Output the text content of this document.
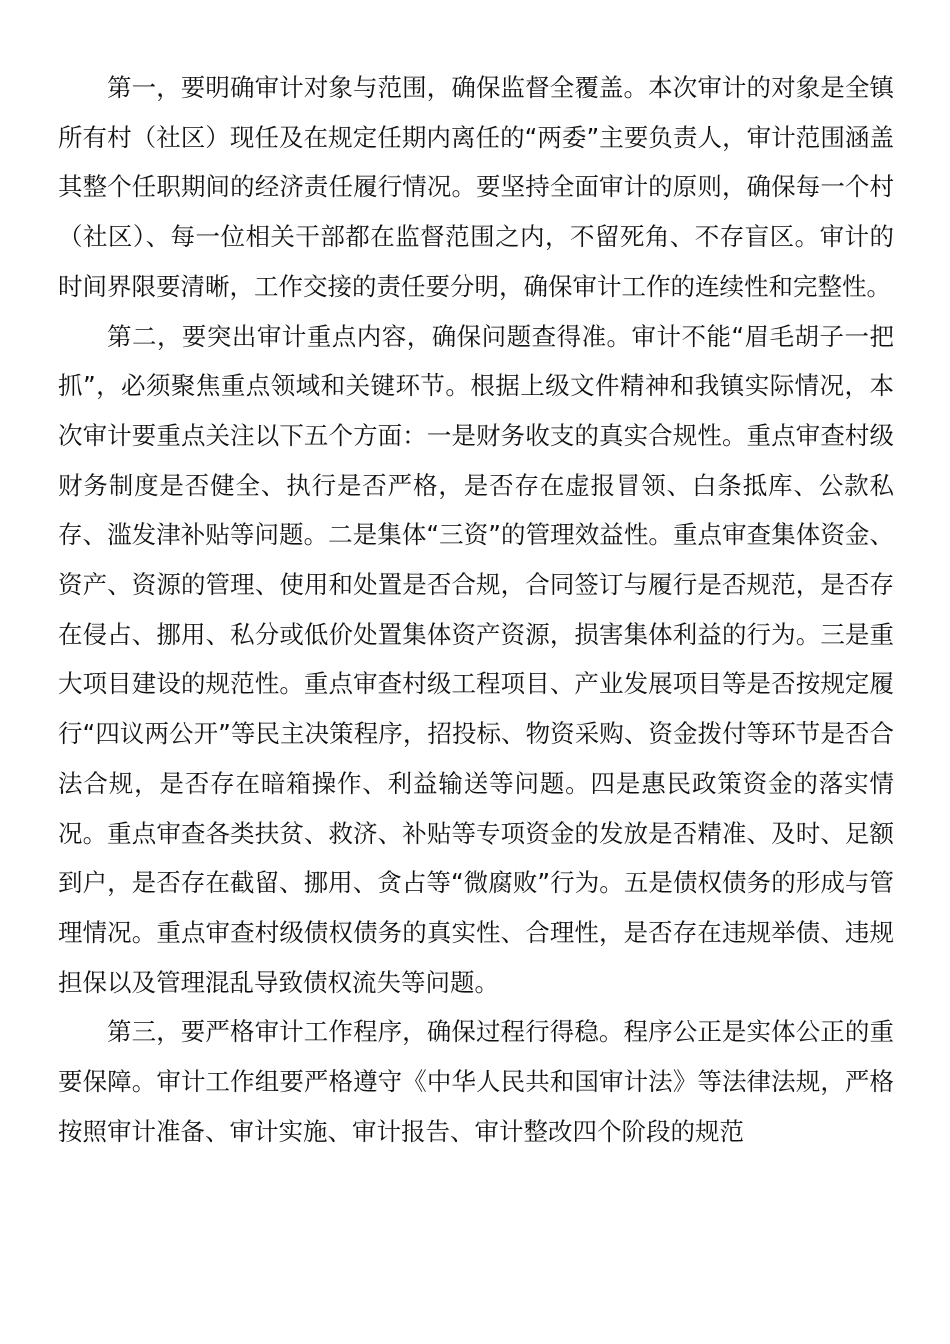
第一，要明确审计对象与范围，确保监督全覆盖。本次审计的对象是全镇所有村（社区）现任及在规定任期内离任的“两委”主要负责人，审计范围涵盖其整个任职期间的经济责任履行情况。要坚持全面审计的原则，确保每一个村（社区）、每一位相关干部都在监督范围之内，不留死角、不存盲区。审计的时间界限要清晰，工作交接的责任要分明，确保审计工作的连续性和完整性。

第二，要突出审计重点内容，确保问题查得准。审计不能“眉毛胡子一把抓”，必须聚焦重点领域和关键环节。根据上级文件精神和我镇实际情况，本次审计要重点关注以下五个方面：一是财务收支的真实合规性。重点审查村级财务制度是否健全、执行是否严格，是否存在虚报冒领、白条抵库、公款私存、滥发津补贴等问题。二是集体“三资”的管理效益性。重点审查集体资金、资产、资源的管理、使用和处置是否合规，合同签订与履行是否规范，是否存在侵占、挪用、私分或低价处置集体资产资源，损害集体利益的行为。三是重大项目建设的规范性。重点审查村级工程项目、产业发展项目等是否按规定履行“四议两公开”等民主决策程序，招投标、物资采购、资金拨付等环节是否合法合规，是否存在暗箱操作、利益输送等问题。四是惠民政策资金的落实情况。重点审查各类扶贫、救济、补贴等专项资金的发放是否精准、及时、足额到户，是否存在截留、挪用、贪占等“微腐败”行为。五是债权债务的形成与管理情况。重点审查村级债权债务的真实性、合理性，是否存在违规举债、违规担保以及管理混乱导致债权流失等问题。

第三，要严格审计工作程序，确保过程行得稳。程序公正是实体公正的重要保障。审计工作组要严格遵守《中华人民共和国审计法》等法律法规，严格按照审计准备、审计实施、审计报告、审计整改四个阶段的规范
